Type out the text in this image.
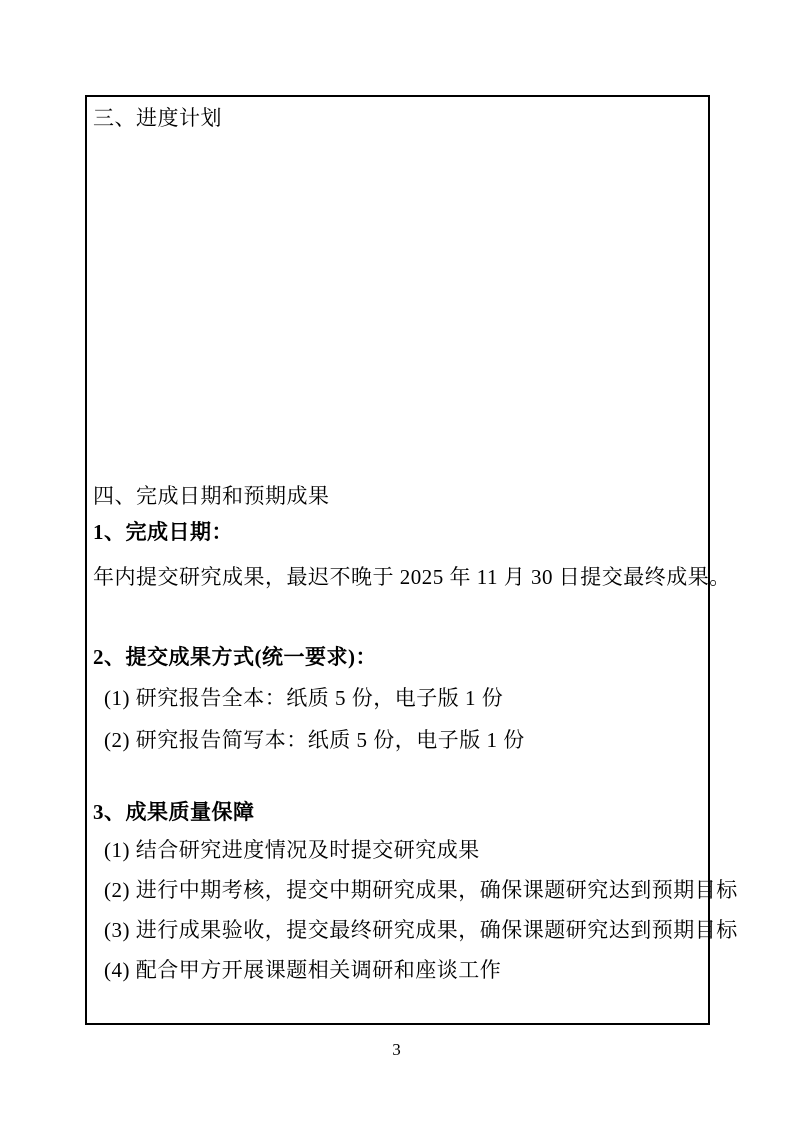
三、进度计划
四、完成日期和预期成果
1、完成日期：
年内提交研究成果，最迟不晚于 2025 年 11 月 30 日提交最终成果。
2、提交成果方式(统一要求)：
(1) 研究报告全本：纸质 5 份，电子版 1 份
(2) 研究报告简写本：纸质 5 份，电子版 1 份
3、成果质量保障
(1) 结合研究进度情况及时提交研究成果
(2) 进行中期考核，提交中期研究成果，确保课题研究达到预期目标
(3) 进行成果验收，提交最终研究成果，确保课题研究达到预期目标
(4) 配合甲方开展课题相关调研和座谈工作
3
